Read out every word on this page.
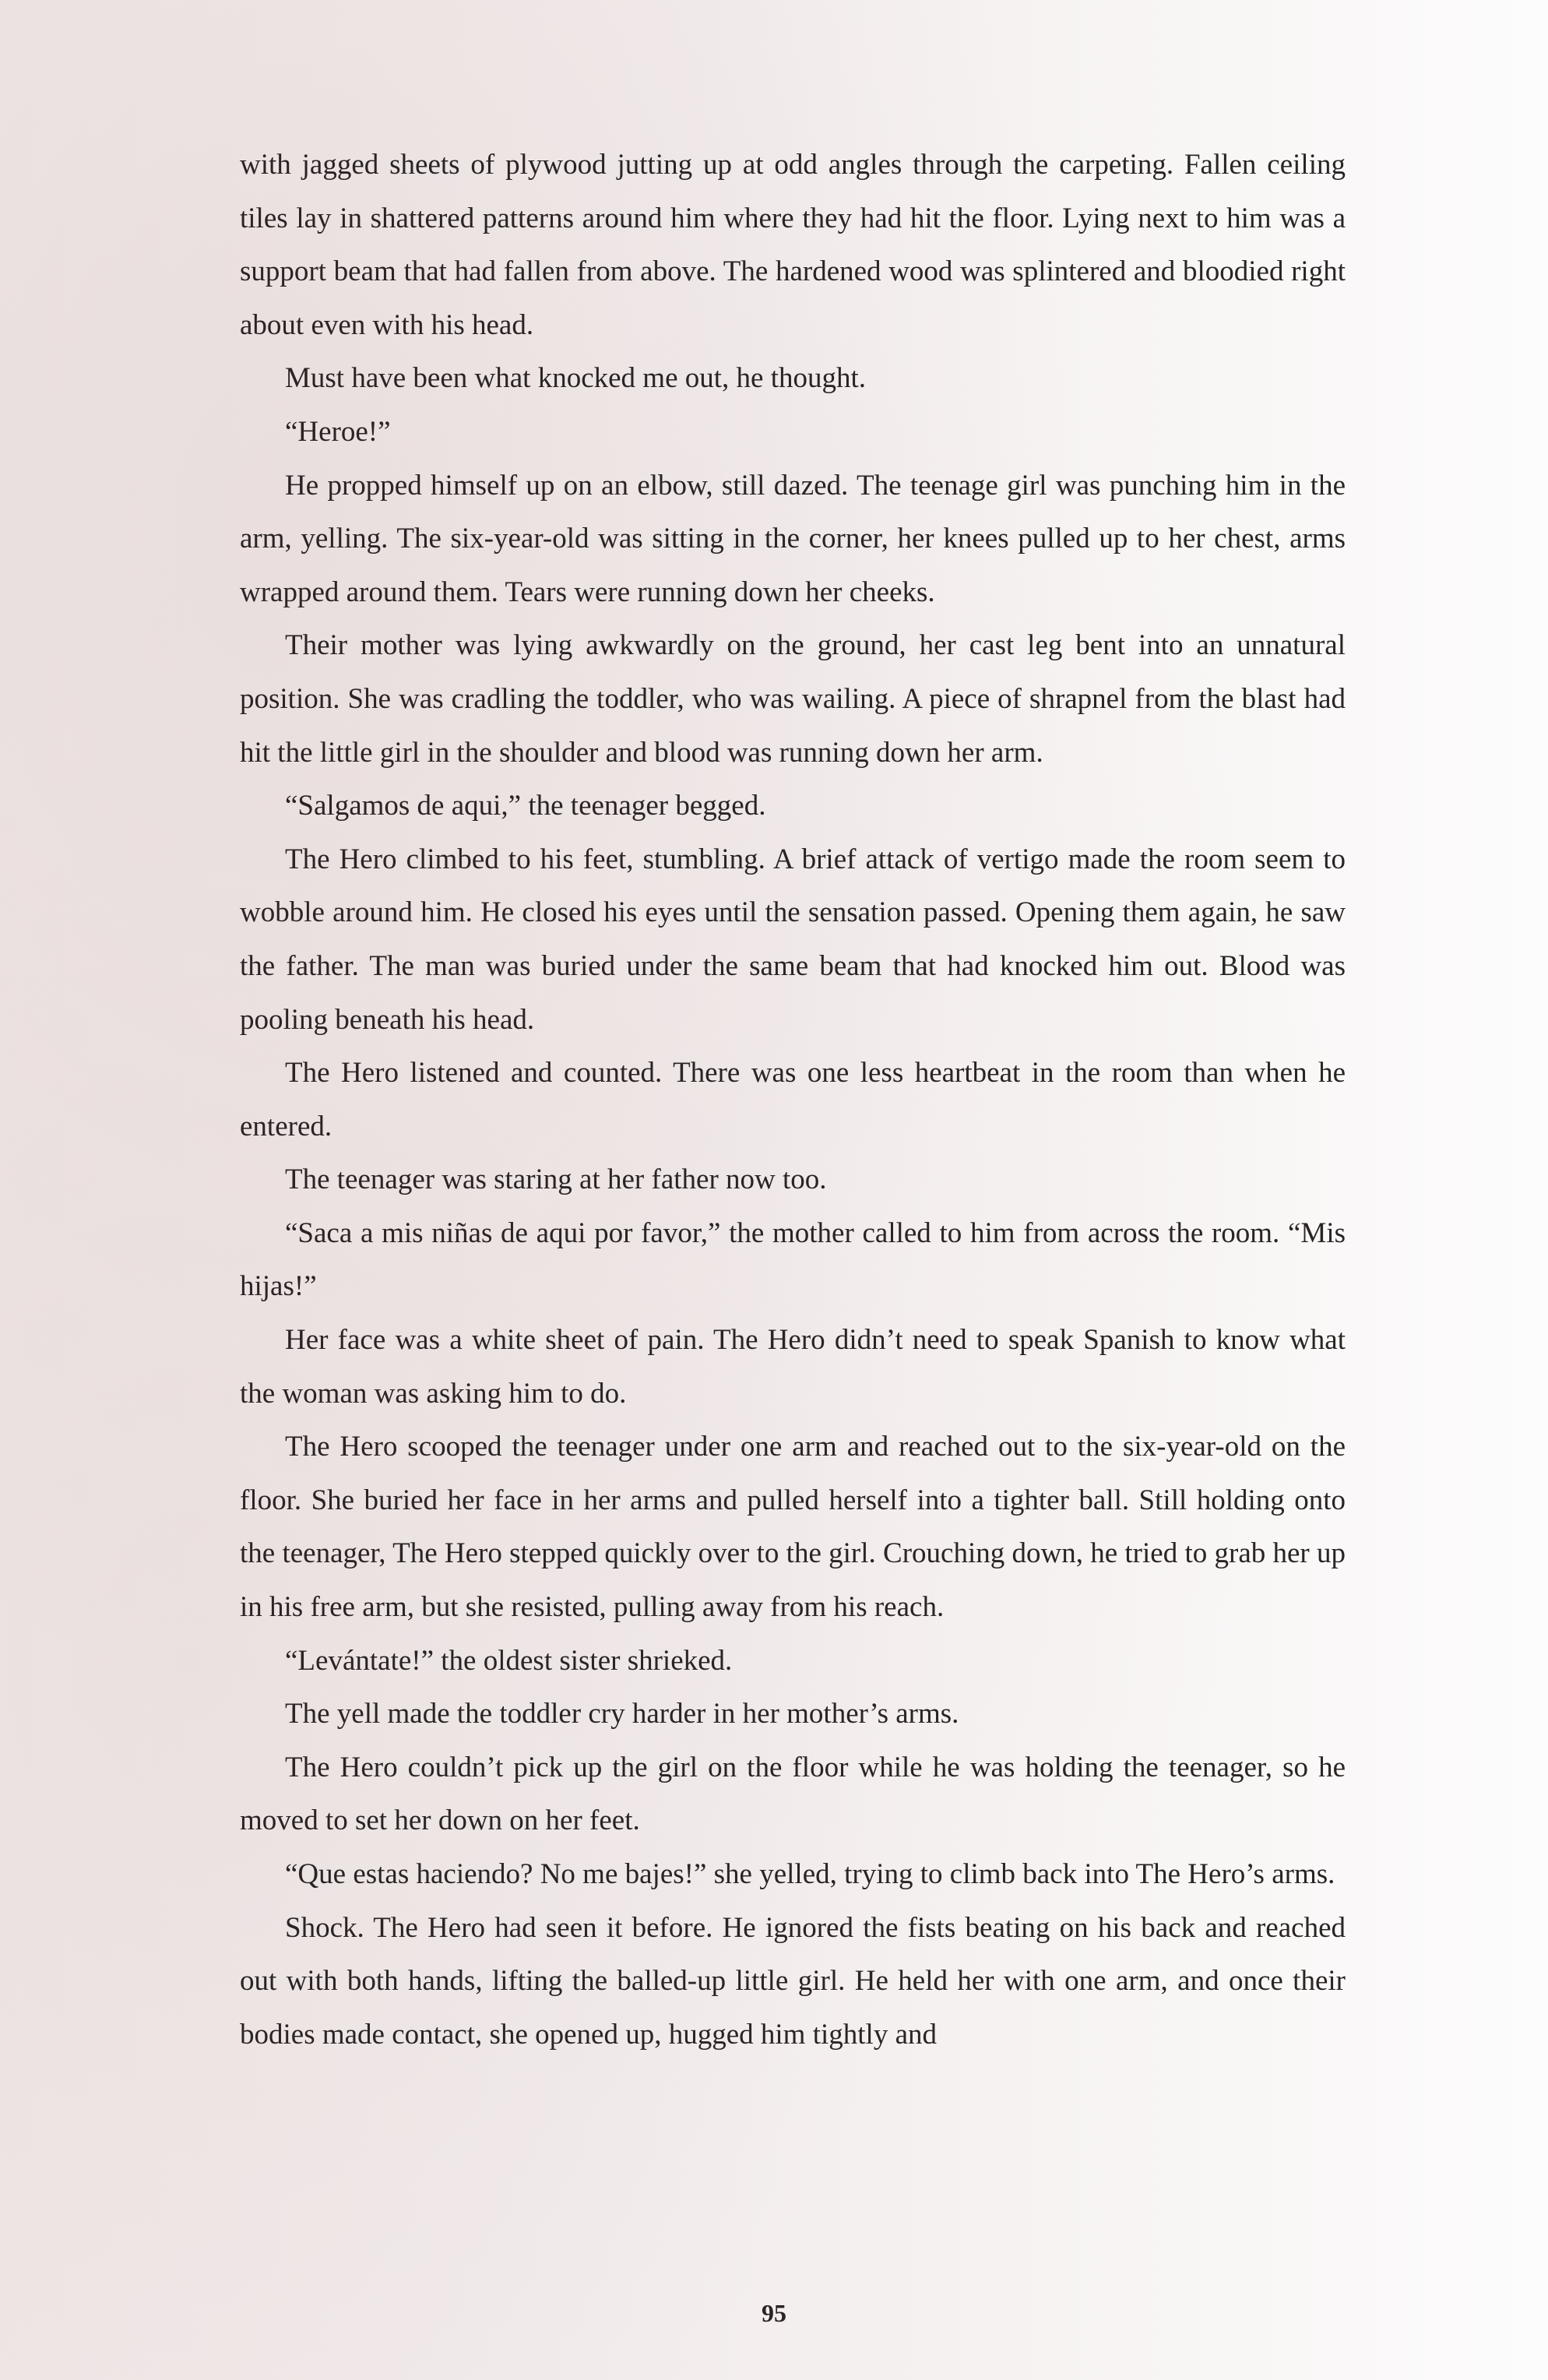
with jagged sheets of plywood jutting up at odd angles through the carpeting. Fallen ceiling tiles lay in shattered patterns around him where they had hit the floor. Lying next to him was a support beam that had fallen from above. The hardened wood was splintered and bloodied right about even with his head.

Must have been what knocked me out, he thought.

“Heroe!”

He propped himself up on an elbow, still dazed. The teenage girl was punching him in the arm, yelling. The six-year-old was sitting in the corner, her knees pulled up to her chest, arms wrapped around them. Tears were running down her cheeks.

Their mother was lying awkwardly on the ground, her cast leg bent into an unnatural position. She was cradling the toddler, who was wailing. A piece of shrapnel from the blast had hit the little girl in the shoulder and blood was running down her arm.

“Salgamos de aqui,” the teenager begged.

The Hero climbed to his feet, stumbling. A brief attack of vertigo made the room seem to wobble around him. He closed his eyes until the sensation passed. Opening them again, he saw the father. The man was buried under the same beam that had knocked him out. Blood was pooling beneath his head.

The Hero listened and counted. There was one less heartbeat in the room than when he entered.

The teenager was staring at her father now too.

“Saca a mis niñas de aqui por favor,” the mother called to him from across the room. “Mis hijas!”

Her face was a white sheet of pain. The Hero didn’t need to speak Spanish to know what the woman was asking him to do.

The Hero scooped the teenager under one arm and reached out to the six-year-old on the floor. She buried her face in her arms and pulled herself into a tighter ball. Still holding onto the teenager, The Hero stepped quickly over to the girl. Crouching down, he tried to grab her up in his free arm, but she resisted, pulling away from his reach.

“Levántate!” the oldest sister shrieked.

The yell made the toddler cry harder in her mother’s arms.

The Hero couldn’t pick up the girl on the floor while he was holding the teenager, so he moved to set her down on her feet.

“Que estas haciendo? No me bajes!” she yelled, trying to climb back into The Hero’s arms.

Shock. The Hero had seen it before. He ignored the fists beating on his back and reached out with both hands, lifting the balled-up little girl. He held her with one arm, and once their bodies made contact, she opened up, hugged him tightly and

95
